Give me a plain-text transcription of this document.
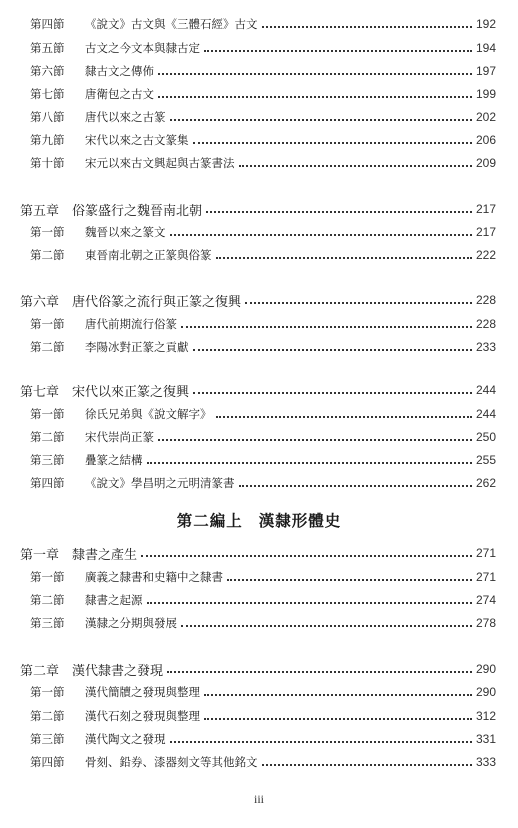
第四節	《說文》古文與《三體石經》古文	192
第五節	古文之今文本與隸古定	194
第六節	隸古文之傳佈	197
第七節	唐衛包之古文	199
第八節	唐代以來之古篆	202
第九節	宋代以來之古文篆集	206
第十節	宋元以來古文興起與古篆書法	209
第五章 俗篆盛行之魏晉南北朝	217
第一節	魏晉以來之篆文	217
第二節	東晉南北朝之正篆與俗篆	222
第六章 唐代俗篆之流行與正篆之復興	228
第一節	唐代前期流行俗篆	228
第二節	李陽冰對正篆之貢獻	233
第七章 宋代以來正篆之復興	244
第一節	徐氏兄弟與《說文解字》	244
第二節	宋代崇尚正篆	250
第三節	疊篆之結構	255
第四節	《說文》學昌明之元明清篆書	262
第一章 隸書之產生	271
第一節	廣義之隸書和史籍中之隸書	271
第二節	隸書之起源	274
第三節	漢隸之分期與發展	278
第二章 漢代隸書之發現	290
第一節	漢代簡牘之發現與整理	290
第二節	漢代石刻之發現與整理	312
第三節	漢代陶文之發現	331
第四節	骨刻、鉛券、漆器刻文等其他銘文	333
第二編上 漢隸形體史
iii
